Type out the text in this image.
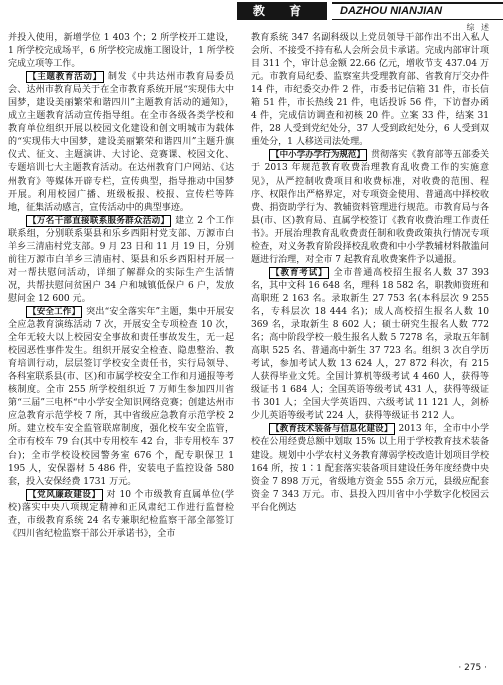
教 育	DAZHOU NIANJIAN
综 述

并投入使用，新增学位 1 403 个；2 所学校开工建设，1 所学校完成场平，6 所学校完成施工图设计，1 所学校完成立项等工作。

【主题教育活动】 制发《中共达州市教育局委员会、达州市教育局关于在全市教育系统开展“实现伟大中国梦，建设美丽繁荣和谐四川”主题教育活动的通知》，成立主题教育活动宣传指导组。在全市各级各类学校和教育单位组织开展以校园文化建设和创文明城市为载体的“实现伟大中国梦，建设美丽繁荣和谐四川”主题升旗仪式、征文、主题演讲、大讨论、竞赛课、校园文化、专题培训七大主题教育活动。在达州教育门户网站、《达州教育》等媒体开辟专栏，宣传典型，指导推动中国梦开展。利用校园广播、班级板报、校报、宣传栏等阵地，征集活动感言，宣传活动中的典型事迹。

【万名干部直接联系服务群众活动】 建立 2 个工作联系组，分别联系渠县和乐乡西阳村党支部、万源市白羊乡三清庙村党支部。9 月 23 日和 11 月 19 日，分别前往万源市白羊乡三清庙村、渠县和乐乡西阳村开展一对一帮扶慰问活动，详细了解群众的实际生产生活情况，共帮扶慰问贫困户 34 户和城镇低保户 6 户，发放慰问金 12 600 元。

【安全工作】 突出“安全落实年”主题，集中开展安全应急教育演练活动 7 次，开展安全专项检查 10 次，全年无较大以上校园安全事故和责任事故发生，无一起校园恶性事件发生。组织开展安全检查、隐患整治、教育培训行动，层层签订学校安全责任书，实行局领导、各科室联系县(市、区)和市属学校安全工作和月通报等考核制度。全市 255 所学校组织近 7 万师生参加四川省第“三届”三电杯“中小学安全知识网络竞赛；创建达州市应急教育示范学校 7 所，其中省级应急教育示范学校 2 所。建立校车安全监管联席制度，强化校车安全监管，全市有校车 79 台(其中专用校车 42 台，非专用校车 37 台)；全市学校设校园警务室 676 个，配专职保卫 1 195 人，安保器材 5 486 件，安装电子监控设备 580 套，投入安保经费 1731 万元。

【党风廉政建设】 对 10 个市级教育直属单位(学校)落实中央八项规定精神和正风肃纪工作进行监督检查，市级教育系统 24 名专兼职纪检监察干部全部签订《四川省纪检监察干部公开承诺书》，全市

教育系统 347 名副科级以上党员领导干部作出不出入私人会所、不接受不持有私人会所会员卡承诺。完成内部审计项目 311 个，审计总金额 22.66 亿元，增收节支 437.04 万元。市教育局纪委、监察室共受理教育部、省教育厅交办件 14 件，市纪委交办件 2 件，市委书记信箱 31 件，市长信箱 51 件，市长热线 21 件，电话投诉 56 件，下访督办函 4 件，完成信访调查和初核 20 件。立案 33 件，结案 31 件，28 人受到党纪处分，37 人受到政纪处分，6 人受到双重处分，1 人移送司法处理。

【中小学办学行为规范】 贯彻落实《教育部等五部委关于 2013 年规范教育收费治理教育乱收费工作的实施意见》，从严控制收费项目和收费标准，对收费的范围、程序、权限作出严格界定，对专项资金使用、普通高中择校收费、捐资助学行为、教辅资料管理进行规范。市教育局与各县(市、区)教育局、直属学校签订《教育收费治理工作责任书》。开展治理教育乱收费责任制和收费政策执行情况专项检查，对义务教育阶段择校乱收费和中小学教辅材料散滥问题进行治理，对全市 7 起教育乱收费案件予以通报。

【教育考试】 全市普通高校招生报名人数 37 393 名，其中文科 16 648 名，理科 18 582 名，职教师资班和高职班 2 163 名。录取新生 27 753 名(本科层次 9 255 名，专科层次 18 444 名)；成人高校招生报名人数 10 369 名，录取新生 8 602 人；硕士研究生报名人数 772 名；高中阶段学校一般生报名人数 5 7278 名，录取五年制高职 525 名、普通高中新生 37 723 名。组织 3 次自学历考试，参加考试人数 13 624 人，27 872 科次，有 215 人获得毕业文凭。全国计算机等级考试 4 460 人，获得等级证书 1 684 人；全国英语等级考试 431 人，获得等级证书 301 人；全国大学英语四、六级考试 11 121 人，剑桥少儿英语等级考试 224 人，获得等级证书 212 人。

【教育技术装备与信息化建设】 2013 年，全市中小学校在公用经费总额中划取 15% 以上用于学校教育技术装备建设。规划中小学农村义务教育薄弱学校改造计划项目学校 164 所，按 1∶1 配套落实装备项目建设任务年度经费中央资金 7 898 万元，省级地方资金 555 余万元，县级应配套资金 7 343 万元。市、县投入四川省中小学数字化校园云平台化例达

· 275 ·
